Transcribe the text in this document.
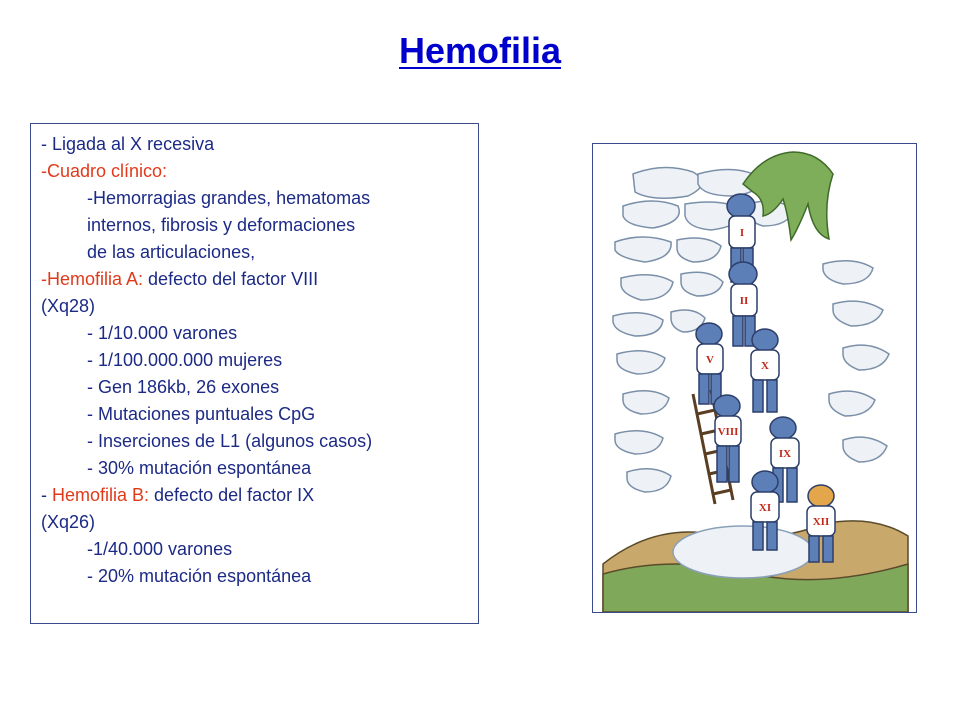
Hemofilia

- Ligada al X recesiva

-Cuadro clínico:

-Hemorragias grandes, hematomas

internos, fibrosis y deformaciones

de las articulaciones,

-Hemofilia A: defecto del factor VIII

(Xq28)

- 1/10.000 varones

- 1/100.000.000 mujeres

- Gen 186kb, 26 exones

- Mutaciones puntuales CpG

- Inserciones de L1 (algunos casos)

- 30% mutación espontánea

- Hemofilia B: defecto del factor IX

(Xq26)

-1/40.000 varones

- 20% mutación espontánea

I
II
V	X
VIII
IX
XI
XII
